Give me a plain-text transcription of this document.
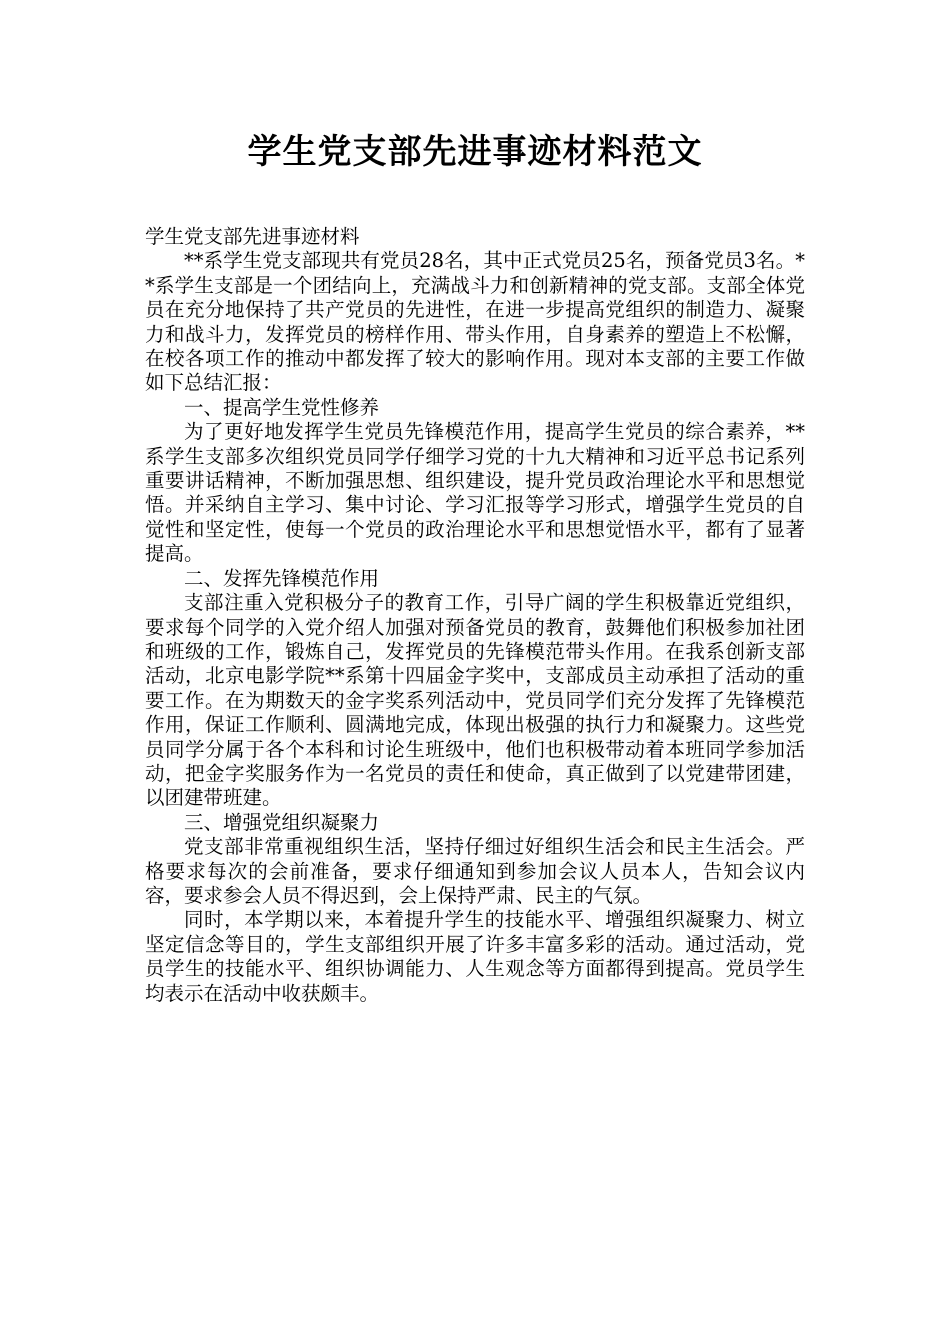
学生党支部先进事迹材料范文

学生党支部先进事迹材料

**系学生党支部现共有党员28名，其中正式党员25名，预备党员3名。**系学生支部是一个团结向上，充满战斗力和创新精神的党支部。支部全体党员在充分地保持了共产党员的先进性，在进一步提高党组织的制造力、凝聚力和战斗力，发挥党员的榜样作用、带头作用，自身素养的塑造上不松懈，在校各项工作的推动中都发挥了较大的影响作用。现对本支部的主要工作做如下总结汇报：

一、提高学生党性修养

为了更好地发挥学生党员先锋模范作用，提高学生党员的综合素养，**系学生支部多次组织党员同学仔细学习党的十九大精神和习近平总书记系列重要讲话精神，不断加强思想、组织建设，提升党员政治理论水平和思想觉悟。并采纳自主学习、集中讨论、学习汇报等学习形式，增强学生党员的自觉性和坚定性，使每一个党员的政治理论水平和思想觉悟水平，都有了显著提高。

二、发挥先锋模范作用

支部注重入党积极分子的教育工作，引导广阔的学生积极靠近党组织，要求每个同学的入党介绍人加强对预备党员的教育，鼓舞他们积极参加社团和班级的工作，锻炼自己，发挥党员的先锋模范带头作用。在我系创新支部活动，北京电影学院**系第十四届金字奖中，支部成员主动承担了活动的重要工作。在为期数天的金字奖系列活动中，党员同学们充分发挥了先锋模范作用，保证工作顺利、圆满地完成，体现出极强的执行力和凝聚力。这些党员同学分属于各个本科和讨论生班级中，他们也积极带动着本班同学参加活动，把金字奖服务作为一名党员的责任和使命，真正做到了以党建带团建，以团建带班建。

三、增强党组织凝聚力

党支部非常重视组织生活，坚持仔细过好组织生活会和民主生活会。严格要求每次的会前准备，要求仔细通知到参加会议人员本人，告知会议内容，要求参会人员不得迟到，会上保持严肃、民主的气氛。

同时，本学期以来，本着提升学生的技能水平、增强组织凝聚力、树立坚定信念等目的，学生支部组织开展了许多丰富多彩的活动。通过活动，党员学生的技能水平、组织协调能力、人生观念等方面都得到提高。党员学生均表示在活动中收获颇丰。
